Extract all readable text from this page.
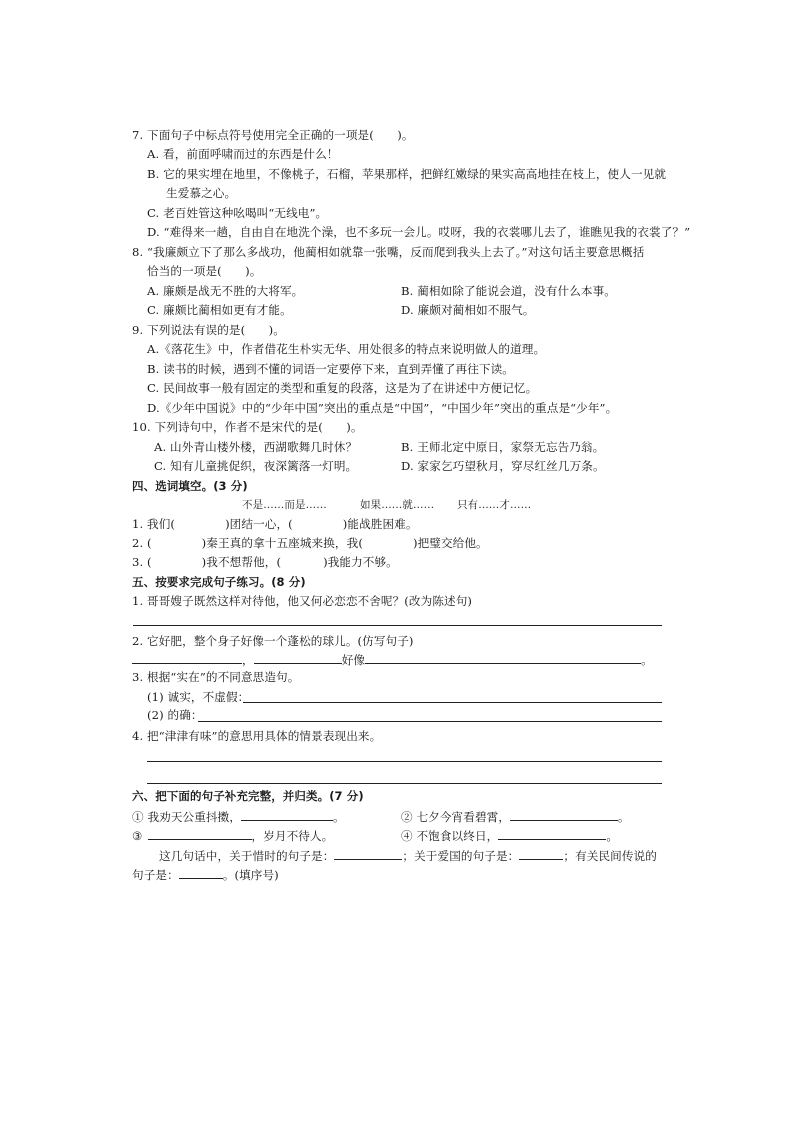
7. 下面句子中标点符号使用完全正确的一项是(　　)。
A. 看，前面呼啸而过的东西是什么！
B. 它的果实埋在地里，不像桃子，石榴，苹果那样，把鲜红嫩绿的果实高高地挂在枝上，使人一见就
生爱慕之心。
C. 老百姓管这种吆喝叫“无线电”。
D. “难得来一趟，自由自在地洗个澡，也不多玩一会儿。哎呀，我的衣裳哪儿去了，谁瞧见我的衣裳了？”
8. “我廉颇立下了那么多战功，他蔺相如就靠一张嘴，反而爬到我头上去了。”对这句话主要意思概括
恰当的一项是(　　)。
A. 廉颇是战无不胜的大将军。	B. 蔺相如除了能说会道，没有什么本事。
C. 廉颇比蔺相如更有才能。	D. 廉颇对蔺相如不服气。
9. 下列说法有误的是(　　)。
A.《落花生》中，作者借花生朴实无华、用处很多的特点来说明做人的道理。
B. 读书的时候，遇到不懂的词语一定要停下来，直到弄懂了再往下读。
C. 民间故事一般有固定的类型和重复的段落，这是为了在讲述中方便记忆。
D.《少年中国说》中的“少年中国”突出的重点是“中国”，“中国少年”突出的重点是“少年”。
10. 下列诗句中，作者不是宋代的是(　　)。
A. 山外青山楼外楼，西湖歌舞几时休？	B. 王师北定中原日，家祭无忘告乃翁。
C. 知有儿童挑促织，夜深篱落一灯明。	D. 家家乞巧望秋月，穿尽红丝几万条。
四、选词填空。(3 分)
不是……而是……	如果……就…… 只有……才……
1. 我们(	)团结一心，(	)能战胜困难。
2. (	)秦王真的拿十五座城来换，我(	)把璧交给他。
3. (	)我不想帮他，(	)我能力不够。
五、按要求完成句子练习。(8 分)
1. 哥哥嫂子既然这样对待他，他又何必恋恋不舍呢？(改为陈述句)
2. 它好肥，整个身子好像一个蓬松的球儿。(仿写句子)
，	好像	。
3. 根据“实在”的不同意思造句。
(1) 诚实，不虚假：
(2) 的确：
4. 把“津津有味”的意思用具体的情景表现出来。
六、把下面的句子补充完整，并归类。(7 分)
① 我劝天公重抖擞，	。	② 七夕今宵看碧霄，	。
③	，岁月不待人。	④ 不饱食以终日，	。
这几句话中，关于惜时的句子是：	；关于爱国的句子是：	；有关民间传说的
句子是：	。(填序号)
